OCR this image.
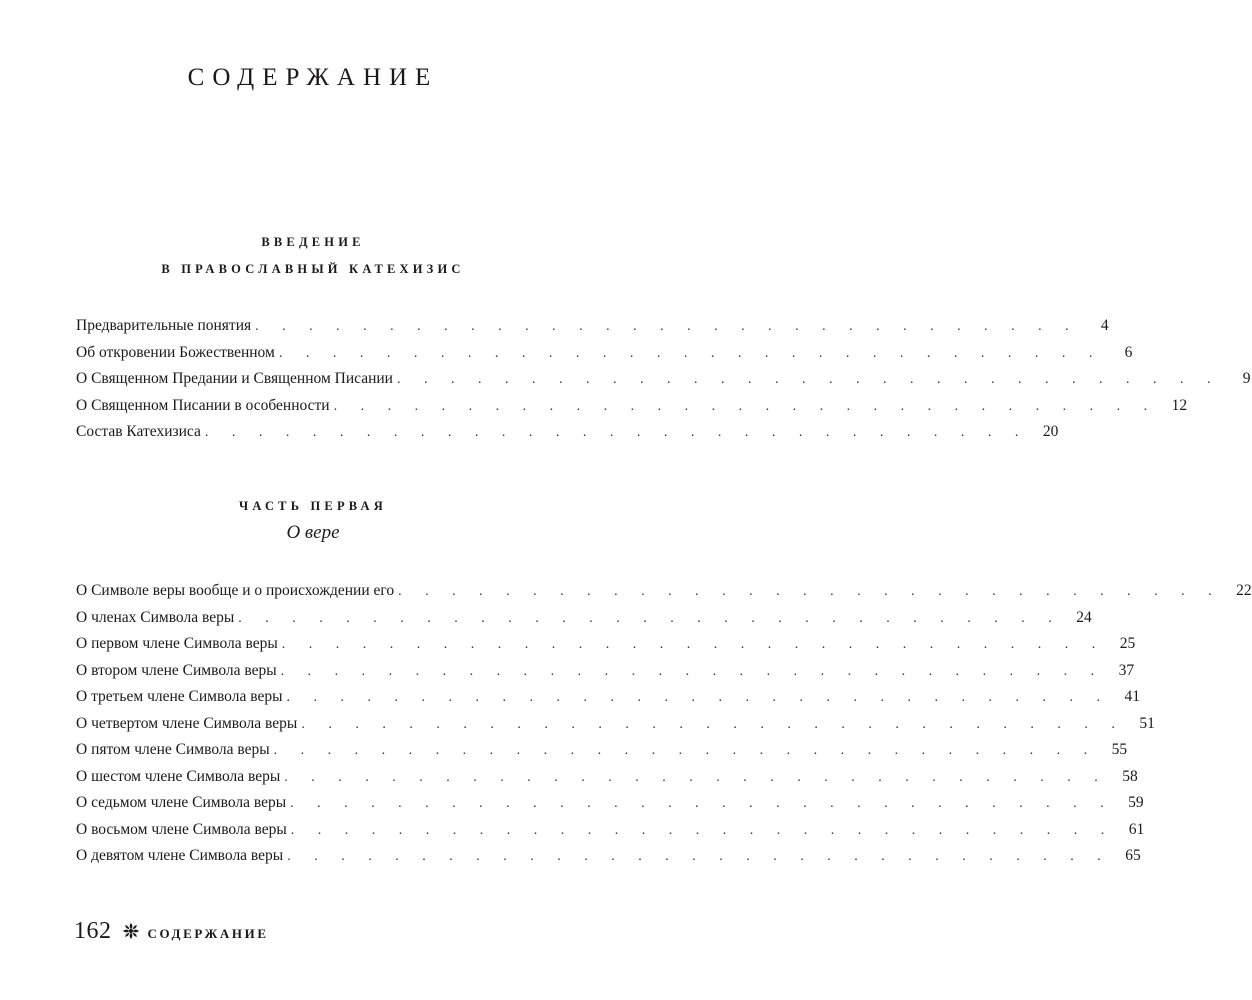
СОДЕРЖАНИЕ
ВВЕДЕНИЕ
В ПРАВОСЛАВНЫЙ КАТЕХИЗИС
Предварительные понятия . . . . . . . . . . . . . . . . . . . . . . . . . . . . . . .	4
Об откровении Божественном . . . . . . . . . . . . . . . . . . . . . . . . . . . . . . .	6
О Священном Предании и Священном Писании . . . . . . . . . . . . . . . . . . . . . . . . . . . . . . .	9
О Священном Писании в особенности . . . . . . . . . . . . . . . . . . . . . . . . . . . . . . . 12
Состав Катехизиса . . . . . . . . . . . . . . . . . . . . . . . . . . . . . . . 20
ЧАСТЬ ПЕРВАЯ
О вере
О Символе веры вообще и о происхождении его . . . . . . . . . . . . . . . . . . . . . . . . . . . . . . . 22
О членах Символа веры . . . . . . . . . . . . . . . . . . . . . . . . . . . . . . . 24
О первом члене Символа веры . . . . . . . . . . . . . . . . . . . . . . . . . . . . . . . 25
О втором члене Символа веры . . . . . . . . . . . . . . . . . . . . . . . . . . . . . . . 37
О третьем члене Символа веры . . . . . . . . . . . . . . . . . . . . . . . . . . . . . . . 41
О четвертом члене Символа веры . . . . . . . . . . . . . . . . . . . . . . . . . . . . . . . 51
О пятом члене Символа веры . . . . . . . . . . . . . . . . . . . . . . . . . . . . . . . 55
О шестом члене Символа веры . . . . . . . . . . . . . . . . . . . . . . . . . . . . . . . 58
О седьмом члене Символа веры . . . . . . . . . . . . . . . . . . . . . . . . . . . . . . . 59
О восьмом члене Символа веры . . . . . . . . . . . . . . . . . . . . . . . . . . . . . . . 61
О девятом члене Символа веры . . . . . . . . . . . . . . . . . . . . . . . . . . . . . . . 65
162	СОДЕРЖАНИЕ
